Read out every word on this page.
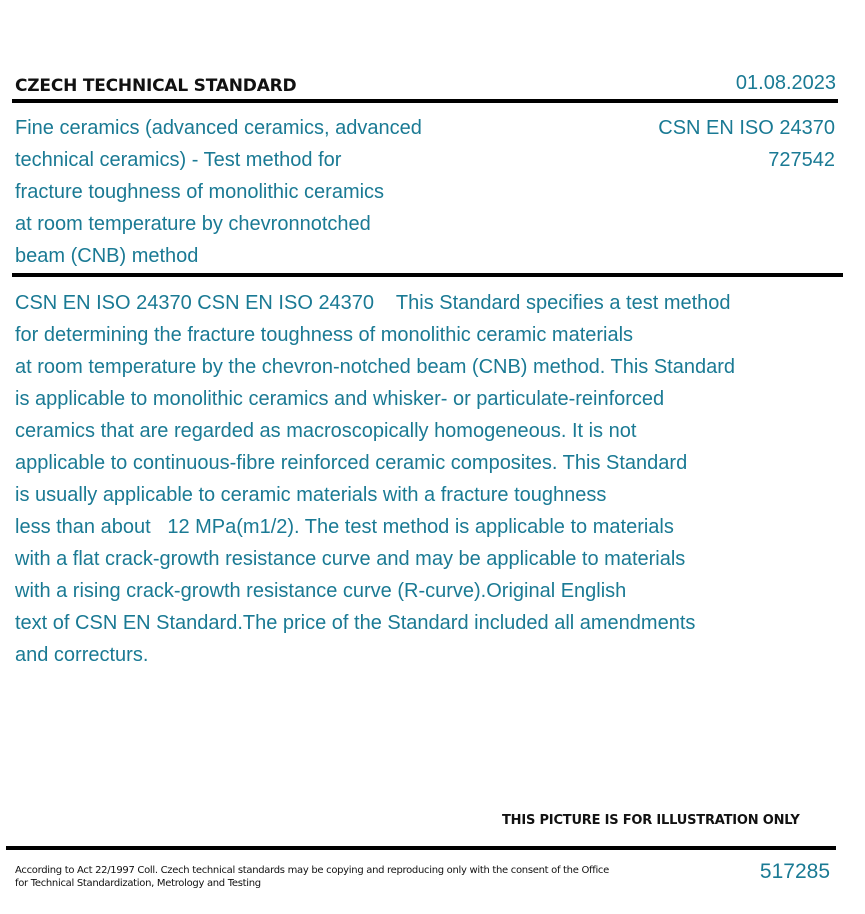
CZECH TECHNICAL STANDARD	01.08.2023
Fine ceramics (advanced ceramics, advanced
technical ceramics) - Test method for
fracture toughness of monolithic ceramics
at room temperature by chevronnotched
beam (CNB) method
CSN EN ISO 24370
727542
CSN EN ISO 24370 CSN EN ISO 24370    This Standard specifies a test method
for determining the fracture toughness of monolithic ceramic materials
at room temperature by the chevron-notched beam (CNB) method. This Standard
is applicable to monolithic ceramics and whisker- or particulate-reinforced
ceramics that are regarded as macroscopically homogeneous. It is not
applicable to continuous-fibre reinforced ceramic composites. This Standard
is usually applicable to ceramic materials with a fracture toughness
less than about   12 MPa(m1/2). The test method is applicable to materials
with a flat crack-growth resistance curve and may be applicable to materials
with a rising crack-growth resistance curve (R-curve).Original English
text of CSN EN Standard.The price of the Standard included all amendments
and correcturs.
THIS PICTURE IS FOR ILLUSTRATION ONLY
According to Act 22/1997 Coll. Czech technical standards may be copying and reproducing only with the consent of the Office
for Technical Standardization, Metrology and Testing
517285
